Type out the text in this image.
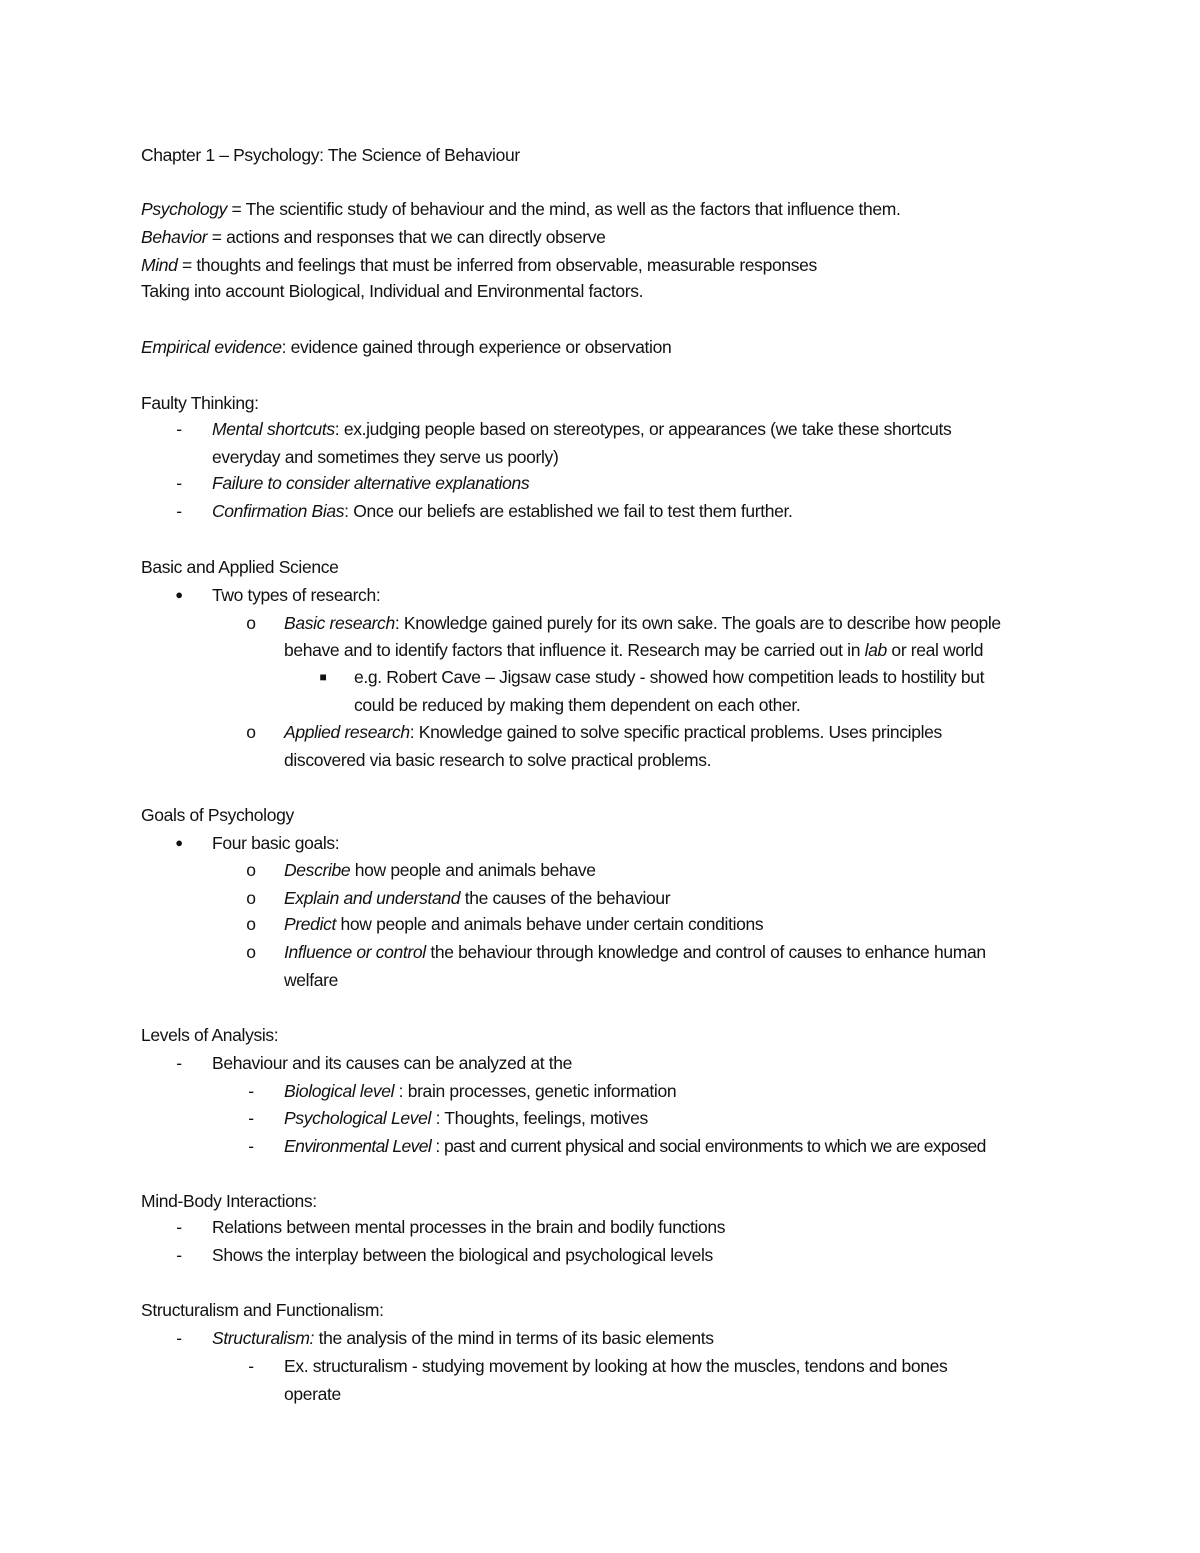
Chapter 1 – Psychology: The Science of Behaviour
Psychology = The scientific study of behaviour and the mind, as well as the factors that influence them.
Behavior = actions and responses that we can directly observe
Mind = thoughts and feelings that must be inferred from observable, measurable responses
Taking into account Biological, Individual and Environmental factors.
Empirical evidence: evidence gained through experience or observation
Faulty Thinking:
- Mental shortcuts: ex.judging people based on stereotypes, or appearances (we take these shortcuts
everyday and sometimes they serve us poorly)
- Failure to consider alternative explanations
- Confirmation Bias: Once our beliefs are established we fail to test them further.
Basic and Applied Science
● Two types of research:
o Basic research: Knowledge gained purely for its own sake. The goals are to describe how people
behave and to identify factors that influence it. Research may be carried out in lab or real world
■ e.g. Robert Cave – Jigsaw case study - showed how competition leads to hostility but
could be reduced by making them dependent on each other.
o Applied research: Knowledge gained to solve specific practical problems. Uses principles
discovered via basic research to solve practical problems.
Goals of Psychology
● Four basic goals:
o Describe how people and animals behave
o Explain and understand the causes of the behaviour
o Predict how people and animals behave under certain conditions
o Influence or control the behaviour through knowledge and control of causes to enhance human
welfare
Levels of Analysis:
- Behaviour and its causes can be analyzed at the
- Biological level : brain processes, genetic information
- Psychological Level : Thoughts, feelings, motives
- Environmental Level : past and current physical and social environments to which we are exposed
Mind-Body Interactions:
- Relations between mental processes in the brain and bodily functions
- Shows the interplay between the biological and psychological levels
Structuralism and Functionalism:
- Structuralism: the analysis of the mind in terms of its basic elements
- Ex. structuralism - studying movement by looking at how the muscles, tendons and bones
operate
